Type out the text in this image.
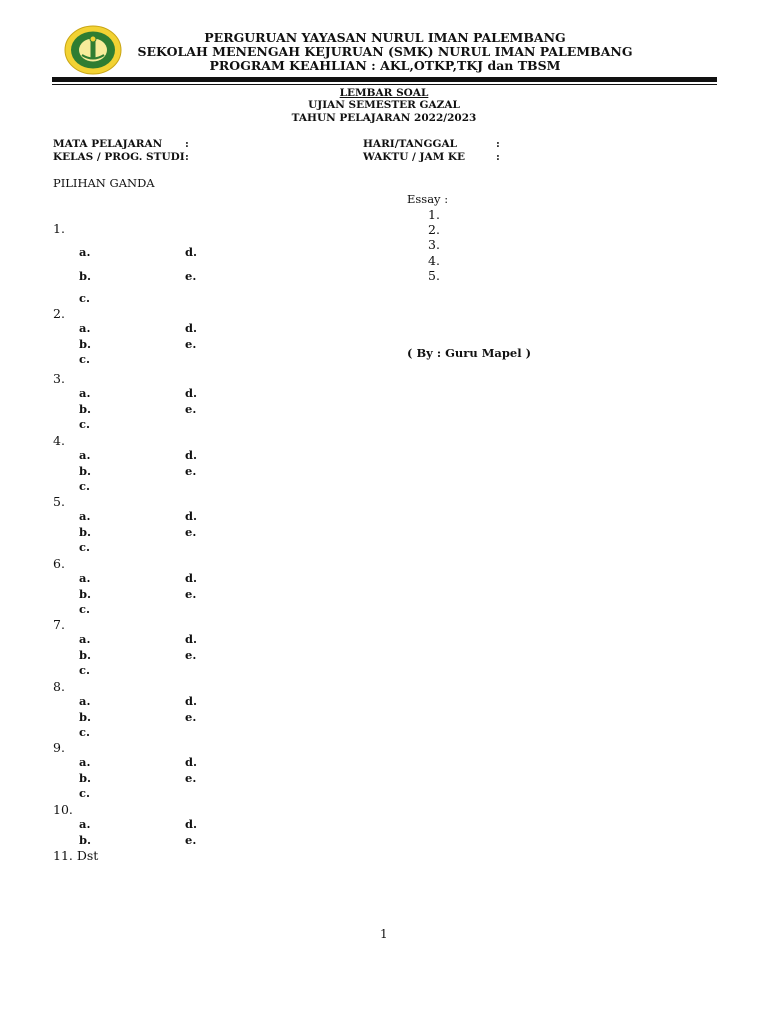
PERGURUAN YAYASAN NURUL IMAN PALEMBANG
SEKOLAH MENENGAH KEJURUAN (SMK) NURUL IMAN PALEMBANG
PROGRAM KEAHLIAN : AKL,OTKP,TKJ dan TBSM
LEMBAR SOAL
UJIAN SEMESTER GAZAL
TAHUN PELAJARAN 2022/2023
MATA PELAJARAN :
KELAS / PROG. STUDI :
HARI/TANGGAL	:
WAKTU / JAM KE	:
PILIHAN GANDA
1.
a.	d.
b.	e.
c.
2.
a.	d.
b.	e.
c.
3.
a.	d.
b.	e.
c.
4.
a.	d.
b.	e.
c.
5.
a.	d.
b.	e.
c.
6.
a.	d.
b.	e.
c.
7.
a.	d.
b.	e.
c.
8.
a.	d.
b.	e.
c.
9.
a.	d.
b.	e.
c.
10.
a.	d.
b.	e.
11. Dst
Essay :
1.
2.
3.
4.
5.
( By : Guru Mapel )
1
